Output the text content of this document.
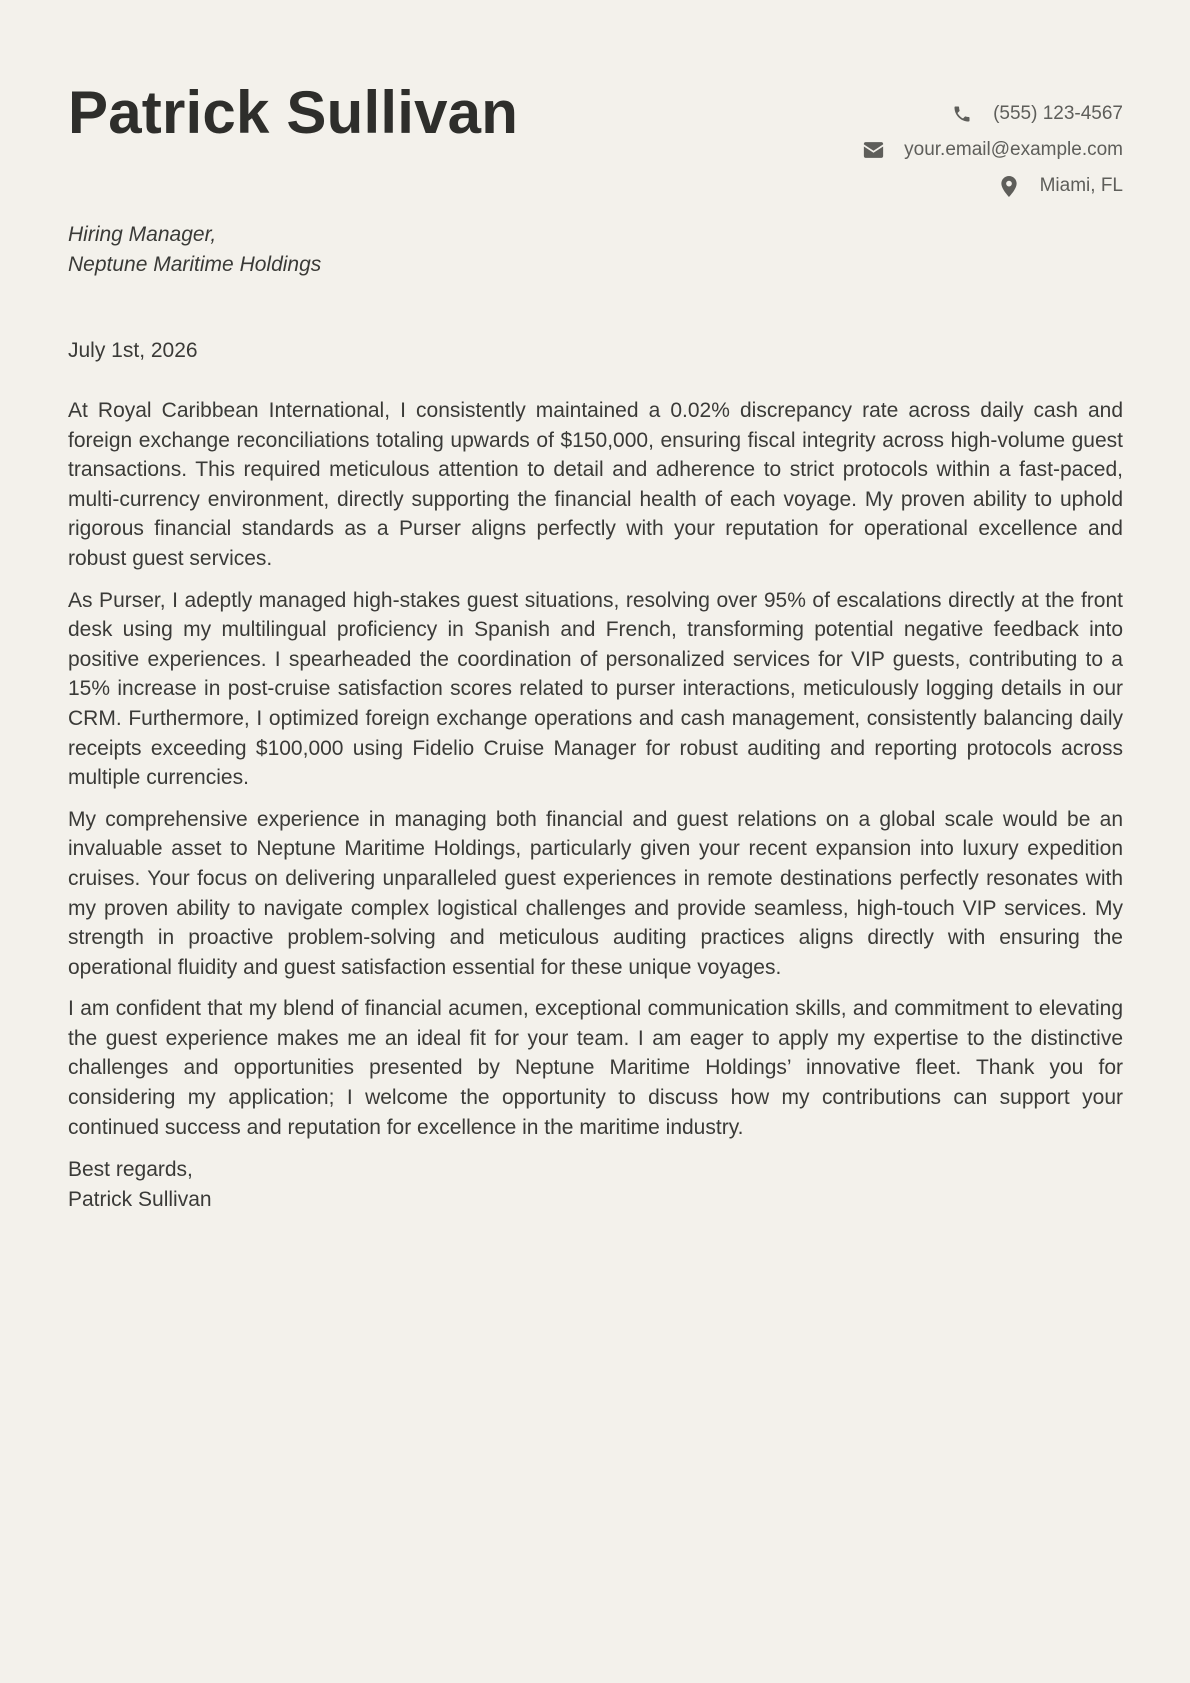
Patrick Sullivan	(555) 123-4567
your.email@example.com
Miami, FL
Hiring Manager,
Neptune Maritime Holdings
July 1st, 2026

At Royal Caribbean International, I consistently maintained a 0.02% discrepancy rate across daily cash and foreign exchange reconciliations totaling upwards of $150,000, ensuring fiscal integrity across high-volume guest transactions. This required meticulous attention to detail and adherence to strict protocols within a fast-paced, multi-currency environment, directly supporting the financial health of each voyage. My proven ability to uphold rigorous financial standards as a Purser aligns perfectly with your reputation for operational excellence and robust guest services.

As Purser, I adeptly managed high-stakes guest situations, resolving over 95% of escalations directly at the front desk using my multilingual proficiency in Spanish and French, transforming potential negative feedback into positive experiences. I spearheaded the coordination of personalized services for VIP guests, contributing to a 15% increase in post-cruise satisfaction scores related to purser interactions, meticulously logging details in our CRM. Furthermore, I optimized foreign exchange operations and cash management, consistently balancing daily receipts exceeding $100,000 using Fidelio Cruise Manager for robust auditing and reporting protocols across multiple currencies.

My comprehensive experience in managing both financial and guest relations on a global scale would be an invaluable asset to Neptune Maritime Holdings, particularly given your recent expansion into luxury expedition cruises. Your focus on delivering unparalleled guest experiences in remote destinations perfectly resonates with my proven ability to navigate complex logistical challenges and provide seamless, high-touch VIP services. My strength in proactive problem-solving and meticulous auditing practices aligns directly with ensuring the operational fluidity and guest satisfaction essential for these unique voyages.

I am confident that my blend of financial acumen, exceptional communication skills, and commitment to elevating the guest experience makes me an ideal fit for your team. I am eager to apply my expertise to the distinctive challenges and opportunities presented by Neptune Maritime Holdings’ innovative fleet. Thank you for considering my application; I welcome the opportunity to discuss how my contributions can support your continued success and reputation for excellence in the maritime industry.

Best regards,
Patrick Sullivan
